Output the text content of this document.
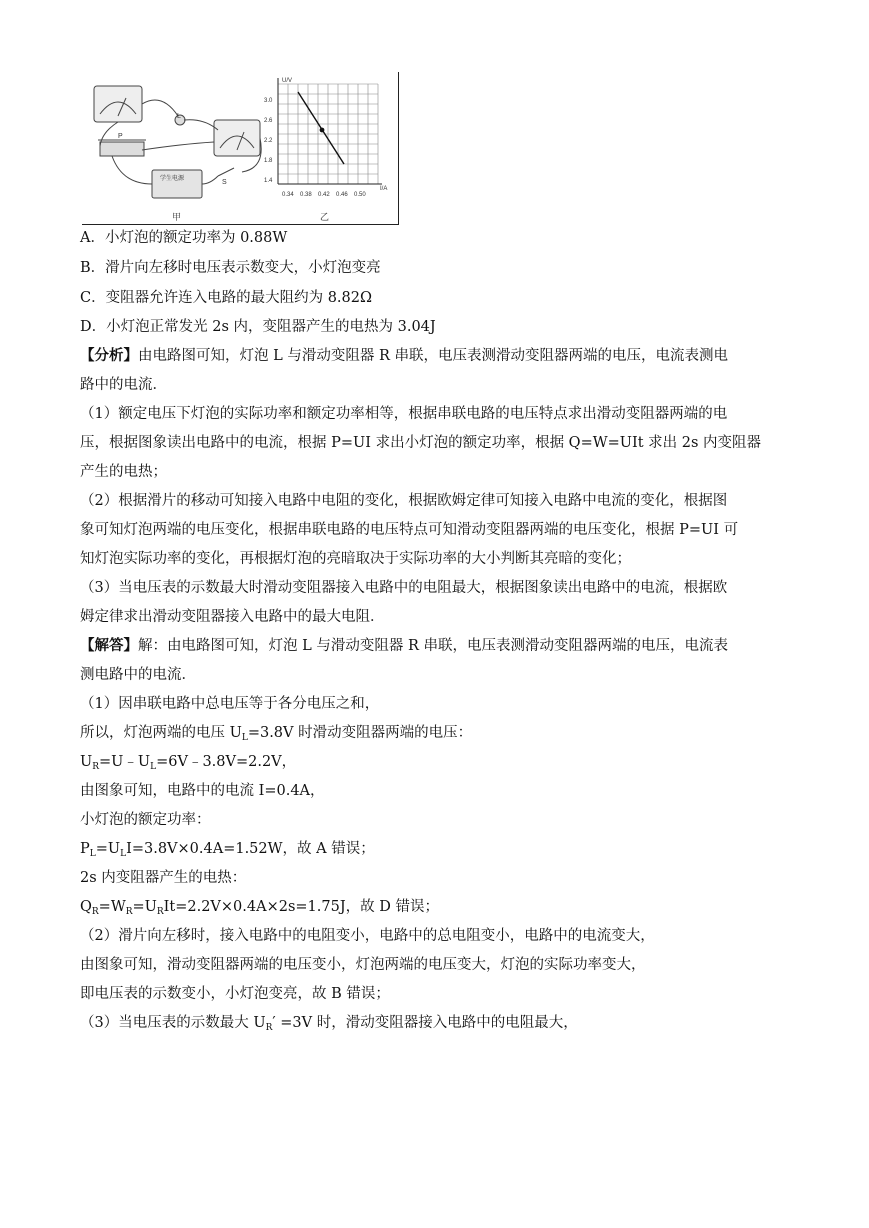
L
S
P
学生电源
甲
U/V
I/A
3.0
2.6
2.2
1.8
1.4
0.34 0.38 0.42 0.46 0.50
乙
A．小灯泡的额定功率为 0.88W
B．滑片向左移时电压表示数变大，小灯泡变亮
C．变阻器允许连入电路的最大阻约为 8.82Ω
D．小灯泡正常发光 2s 内，变阻器产生的电热为 3.04J
【分析】由电路图可知，灯泡 L 与滑动变阻器 R 串联，电压表测滑动变阻器两端的电压，电流表测电
路中的电流．
（1）额定电压下灯泡的实际功率和额定功率相等，根据串联电路的电压特点求出滑动变阻器两端的电
压，根据图象读出电路中的电流，根据 P=UI 求出小灯泡的额定功率，根据 Q=W=UIt 求出 2s 内变阻器
产生的电热；
（2）根据滑片的移动可知接入电路中电阻的变化，根据欧姆定律可知接入电路中电流的变化，根据图
象可知灯泡两端的电压变化，根据串联电路的电压特点可知滑动变阻器两端的电压变化，根据 P=UI 可
知灯泡实际功率的变化，再根据灯泡的亮暗取决于实际功率的大小判断其亮暗的变化；
（3）当电压表的示数最大时滑动变阻器接入电路中的电阻最大，根据图象读出电路中的电流，根据欧
姆定律求出滑动变阻器接入电路中的最大电阻．
【解答】解：由电路图可知，灯泡 L 与滑动变阻器 R 串联，电压表测滑动变阻器两端的电压，电流表
测电路中的电流．
（1）因串联电路中总电压等于各分电压之和，
所以，灯泡两端的电压 $U_L=3.8V$ 时滑动变阻器两端的电压：
$U_R=U﹣U_L=6V﹣3.8V=2.2V$，
由图象可知，电路中的电流 I=0.4A，
小灯泡的额定功率：
$P_L=U_LI=3.8V\times 0.4A=1.52W$，故 A 错误；
2s 内变阻器产生的电热：
$Q_R=W_R=U_RIt=2.2V\times 0.4A\times 2s=1.75J$，故 D 错误；
（2）滑片向左移时，接入电路中的电阻变小，电路中的总电阻变小，电路中的电流变大，
由图象可知，滑动变阻器两端的电压变小，灯泡两端的电压变大，灯泡的实际功率变大，
即电压表的示数变小，小灯泡变亮，故 B 错误；
（3）当电压表的示数最大 $U_R' =3V$ 时，滑动变阻器接入电路中的电阻最大，
